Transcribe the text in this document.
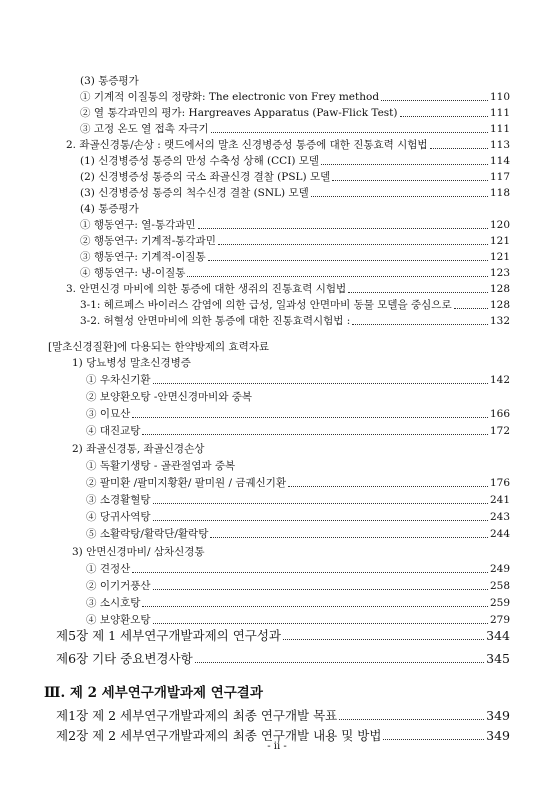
(3) 통증평가
① 기계적 이질통의 정량화: The electronic von Frey method	110
② 열 통각과민의 평가: Hargreaves Apparatus (Paw-Flick Test)	111
③ 고정 온도 열 접촉 자극기	111
2. 좌골신경통/손상 : 랫드에서의 말초 신경병증성 통증에 대한 진통효력 시험법	113
(1) 신경병증성 통증의 만성 수축성 상해 (CCI) 모델	114
(2) 신경병증성 통증의 국소 좌골신경 결찰 (PSL) 모델	117
(3) 신경병증성 통증의 척수신경 결찰 (SNL) 모델	118
(4) 통증평가
① 행동연구: 열-통각과민	120
② 행동연구: 기계적-통각과민	121
③ 행동연구: 기계적-이질통	121
④ 행동연구: 냉-이질통	123
3. 안면신경 마비에 의한 통증에 대한 생쥐의 진통효력 시험법	128
3-1: 헤르페스 바이러스 감염에 의한 급성, 일과성 안면마비 동물 모델을 중심으로	128
3-2. 허혈성 안면마비에 의한 통증에 대한 진통효력시험법 :	132
[말초신경질환]에 다용되는 한약방제의 효력자료
1) 당뇨병성 말초신경병증
① 우차신기환	142
② 보양환오탕 -안면신경마비와 중복
③ 이묘산	166
④ 대진교탕	172
2) 좌골신경통, 좌골신경손상
① 독활기생탕 - 골관절염과 중복
② 팔미환 /팔미지황환/ 팔미원 / 금궤신기환	176
③ 소경활혈탕	241
④ 당귀사역탕	243
⑤ 소활락탕/활락단/활락탕	244
3) 안면신경마비/ 삼차신경통
① 견정산	249
② 이기거풍산	258
③ 소시호탕	259
④ 보양환오탕	279
제5장 제 1 세부연구개발과제의 연구성과	344
제6장 기타 중요변경사항	345
Ⅲ. 제 2 세부연구개발과제 연구결과
제1장 제 2 세부연구개발과제의 최종 연구개발 목표	349
제2장 제 2 세부연구개발과제의 최종 연구개발 내용 및 방법	349
- ii -
